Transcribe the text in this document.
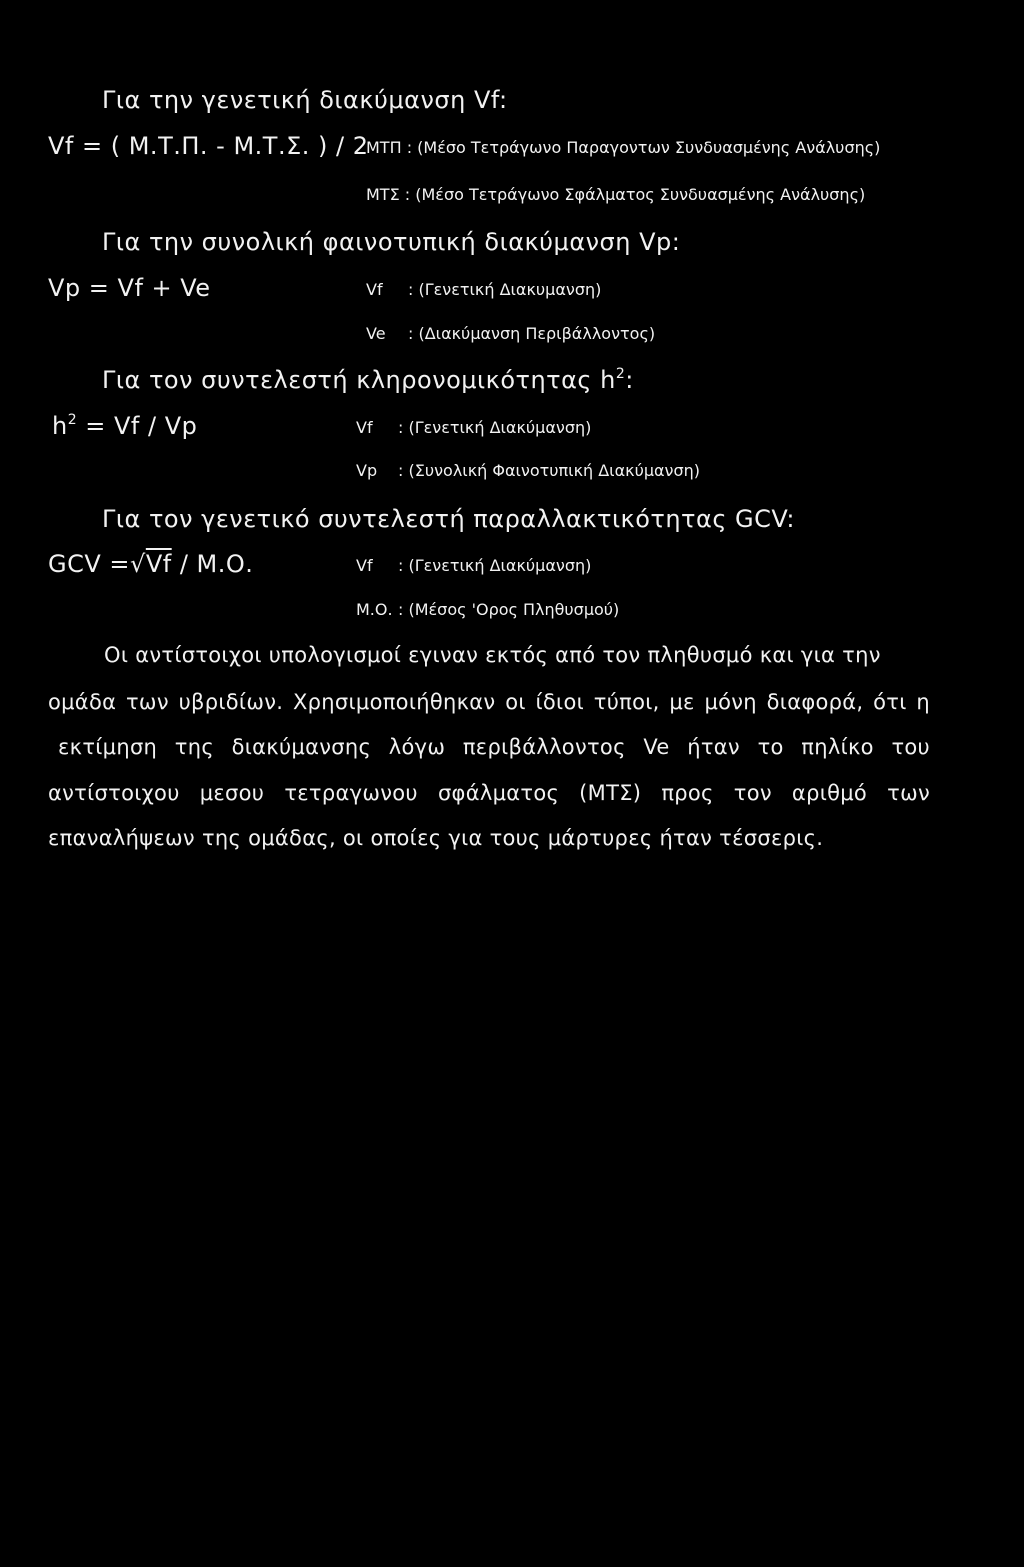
Για την γενετική διακύμανση Vf:
Vf = ( Μ.Τ.Π. - Μ.Τ.Σ. ) / 2
ΜΤΠ : (Μέσο Τετράγωνο Παραγοντων Συνδυασμένης Ανάλυσης)
ΜΤΣ : (Μέσο Τετράγωνο Σφάλματος Συνδυασμένης Ανάλυσης)
Για την συνολική φαινοτυπική διακύμανση Vp:
Vp = Vf + Ve	Vf : (Γενετική Διακυμανση)
Ve : (Διακύμανση Περιβάλλοντος)
Για τον συντελεστή κληρονομικότητας $h^2$:
$h^2 = Vf / Vp$	Vf : (Γενετική Διακύμανση)
Vp : (Συνολική Φαινοτυπική Διακύμανση)
Για τον γενετικό συντελεστή παραλλακτικότητας GCV:
GCV =√Vf / Μ.Ο.	Vf : (Γενετική Διακύμανση)
Μ.Ο. : (Μέσος 'Ορος Πληθυσμού)
Οι αντίστοιχοι υπολογισμοί εγιναν εκτός από τον πληθυσμό και για την
ομάδα των υβριδίων. Χρησιμοποιήθηκαν οι ίδιοι τύποι, με μόνη διαφορά, ότι η
εκτίμηση της διακύμανσης λόγω περιβάλλοντος Ve ήταν το πηλίκο του
αντίστοιχου μεσου τετραγωνου σφάλματος (ΜΤΣ) προς τον αριθμό των
επαναλήψεων της ομάδας, οι οποίες για τους μάρτυρες ήταν τέσσερις.
